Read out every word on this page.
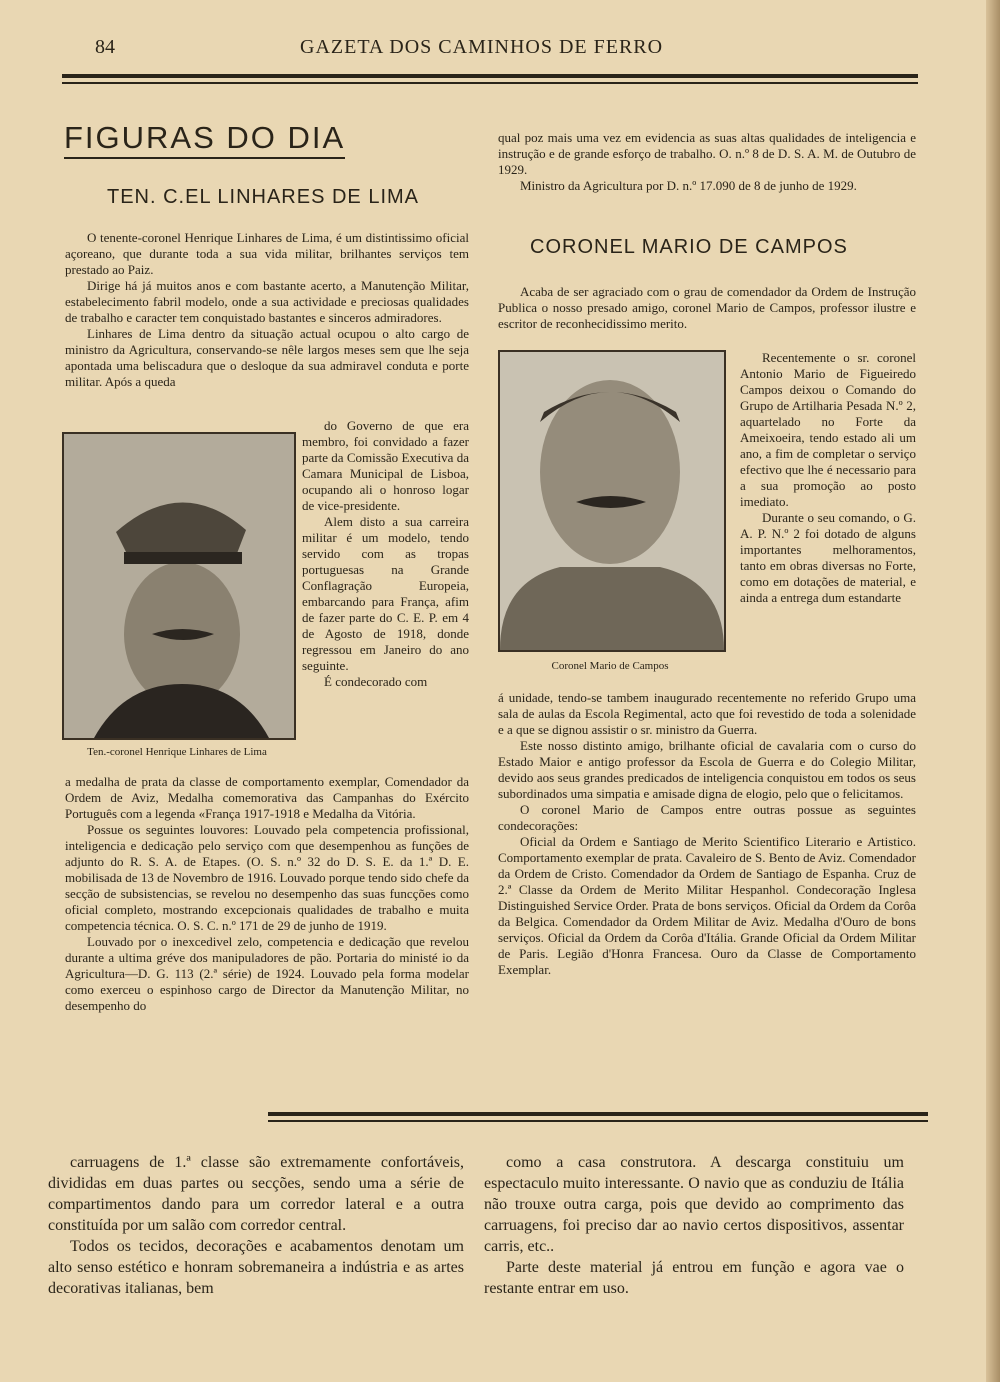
84	GAZETA DOS CAMINHOS DE FERRO
FIGURAS DO DIA
TEN. C.EL LINHARES DE LIMA

O tenente-coronel Henrique Linhares de Lima, é um distintissimo oficial açoreano, que durante toda a sua vida militar, brilhantes serviços tem prestado ao Paiz.

Dirige há já muitos anos e com bastante acerto, a Manutenção Militar, estabelecimento fabril modelo, onde a sua actividade e preciosas qualidades de trabalho e caracter tem conquistado bastantes e sinceros admiradores.

Linhares de Lima dentro da situação actual ocupou o alto cargo de ministro da Agricultura, conservando-se nêle largos meses sem que lhe seja apontada uma beliscadura que o desloque da sua admiravel conduta e porte militar. Após a queda

Ten.-coronel Henrique Linhares de Lima

do Governo de que era membro, foi convidado a fazer parte da Comissão Executiva da Camara Municipal de Lisboa, ocupando ali o honroso logar de vice-presidente.

Alem disto a sua carreira militar é um modelo, tendo servido com as tropas portuguesas na Grande Conflagração Europeia, embarcando para França, afim de fazer parte do C. E. P. em 4 de Agosto de 1918, donde regressou em Janeiro do ano seguinte.

É condecorado com

a medalha de prata da classe de comportamento exemplar, Comendador da Ordem de Aviz, Medalha comemorativa das Campanhas do Exército Português com a legenda «França 1917-1918 e Medalha da Vitória.

Possue os seguintes louvores: Louvado pela competencia profissional, inteligencia e dedicação pelo serviço com que desempenhou as funções de adjunto do R. S. A. de Etapes. (O. S. n.º 32 do D. S. E. da 1.ª D. E. mobilisada de 13 de Novembro de 1916. Louvado porque tendo sido chefe da secção de subsistencias, se revelou no desempenho das suas funcções como oficial completo, mostrando excepcionais qualidades de trabalho e muita competencia técnica. O. S. C. n.º 171 de 29 de junho de 1919.

Louvado por o inexcedivel zelo, competencia e dedicação que revelou durante a ultima gréve dos manipuladores de pão. Portaria do ministé io da Agricultura—D. G. 113 (2.ª série) de 1924. Louvado pela forma modelar como exerceu o espinhoso cargo de Director da Manutenção Militar, no desempenho do

qual poz mais uma vez em evidencia as suas altas qualidades de inteligencia e instrução e de grande esforço de trabalho. O. n.º 8 de D. S. A. M. de Outubro de 1929.

Ministro da Agricultura por D. n.º 17.090 de 8 de junho de 1929.

CORONEL MARIO DE CAMPOS

Acaba de ser agraciado com o grau de comendador da Ordem de Instrução Publica o nosso presado amigo, coronel Mario de Campos, professor ilustre e escritor de reconhecidissimo merito.

Coronel Mario de Campos

Recentemente o sr. coronel Antonio Mario de Figueiredo Campos deixou o Comando do Grupo de Artilharia Pesada N.º 2, aquartelado no Forte da Ameixoeira, tendo estado ali um ano, a fim de completar o serviço efectivo que lhe é necessario para a sua promoção ao posto imediato.

Durante o seu comando, o G. A. P. N.º 2 foi dotado de alguns importantes melhoramentos, tanto em obras diversas no Forte, como em dotações de material, e ainda a entrega dum estandarte

á unidade, tendo-se tambem inaugurado recentemente no referido Grupo uma sala de aulas da Escola Regimental, acto que foi revestido de toda a solenidade e a que se dignou assistir o sr. ministro da Guerra.

Este nosso distinto amigo, brilhante oficial de cavalaria com o curso do Estado Maior e antigo professor da Escola de Guerra e do Colegio Militar, devido aos seus grandes predicados de inteligencia conquistou em todos os seus subordinados uma simpatia e amisade digna de elogio, pelo que o felicitamos.

O coronel Mario de Campos entre outras possue as seguintes condecorações:

Oficial da Ordem e Santiago de Merito Scientifico Literario e Artistico. Comportamento exemplar de prata. Cavaleiro de S. Bento de Aviz. Comendador da Ordem de Cristo. Comendador da Ordem de Santiago de Espanha. Cruz de 2.ª Classe da Ordem de Merito Militar Hespanhol. Condecoração Inglesa Distinguished Service Order. Prata de bons serviços. Oficial da Ordem da Corôa da Belgica. Comendador da Ordem Militar de Aviz. Medalha d'Ouro de bons serviços. Oficial da Ordem da Corôa d'Itália. Grande Oficial da Ordem Militar de Paris. Legião d'Honra Francesa. Ouro da Classe de Comportamento Exemplar.

carruagens de 1.ª classe são extremamente confortáveis, divididas em duas partes ou secções, sendo uma a série de compartimentos dando para um corredor lateral e a outra constituída por um salão com corredor central.

Todos os tecidos, decorações e acabamentos denotam um alto senso estético e honram sobremaneira a indústria e as artes decorativas italianas, bem

como a casa construtora. A descarga constituiu um espectaculo muito interessante. O navio que as conduziu de Itália não trouxe outra carga, pois que devido ao comprimento das carruagens, foi preciso dar ao navio certos dispositivos, assentar carris, etc..

Parte deste material já entrou em função e agora vae o restante entrar em uso.
